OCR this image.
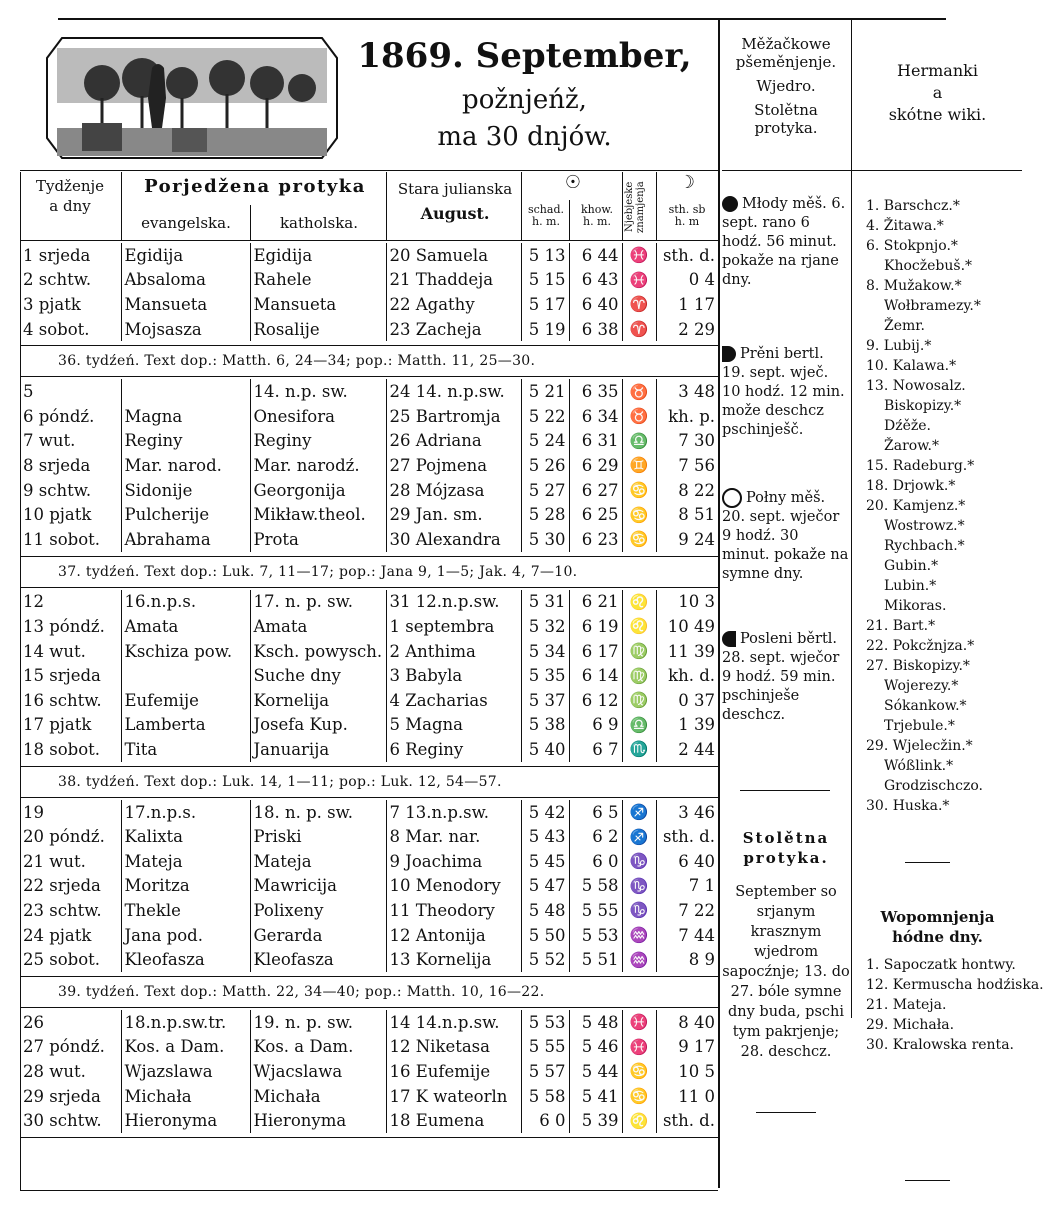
1869. September,
požnjeńž,
ma 30 dnjów.
Měžačkowe
pšeměnjenje.
Wjedro.
Stolětna
protyka.
Hermanki
a
skótne wiki.
Tydženje
a dny
Porjedžena protyka
evangelska.	katholska.
Stara julianska
August.
☉
schad.
h. m.
khow.
h. m.	Njebjeske znamjenja	☽
sth. sb
h. m
1 srjeda	Egidija	Egidija	20 Samuela	5 13	6 44	♓	sth. d.
2 schtw.	Absaloma	Rahele	21 Thaddeja	5 15	6 43	♓	0 4
3 pjatk	Mansueta	Mansueta	22 Agathy	5 17	6 40	♈	1 17
4 sobot.	Mojsasza	Rosalije	23 Zacheja	5 19	6 38	♈	2 29
36. tydźeń. Text dop.: Matth. 6, 24—34; pop.: Matth. 11, 25—30.
5		14. n.p. sw.	24 14. n.p.sw.	5 21	6 35	♉	3 48
6 póndź.	Magna	Onesifora	25 Bartromja	5 22	6 34	♉	kh. p.
7 wut.	Reginy	Reginy	26 Adriana	5 24	6 31	♎	7 30
8 srjeda	Mar. narod.	Mar. narodź.	27 Pojmena	5 26	6 29	♊	7 56
9 schtw.	Sidonije	Georgonija	28 Mójzasa	5 27	6 27	♋	8 22
10 pjatk	Pulcherije	Mikław.theol.	29 Jan. sm.	5 28	6 25	♋	8 51
11 sobot.	Abrahama	Prota	30 Alexandra	5 30	6 23	♋	9 24
37. tydźeń. Text dop.: Luk. 7, 11—17; pop.: Jana 9, 1—5; Jak. 4, 7—10.
12	16.n.p.s.	17. n. p. sw.	31 12.n.p.sw.	5 31	6 21	♌	10 3
13 póndź.	Amata	Amata	1 septembra	5 32	6 19	♌	10 49
14 wut.	Kschiza pow.	Ksch. powysch.	2 Anthima	5 34	6 17	♍	11 39
15 srjeda		Suche dny	3 Babyla	5 35	6 14	♍	kh. d.
16 schtw.	Eufemije	Kornelija	4 Zacharias	5 37	6 12	♍	0 37
17 pjatk	Lamberta	Josefa Kup.	5 Magna	5 38	6 9	♎	1 39
18 sobot.	Tita	Januarija	6 Reginy	5 40	6 7	♏	2 44
38. tydźeń. Text dop.: Luk. 14, 1—11; pop.: Luk. 12, 54—57.
19	17.n.p.s.	18. n. p. sw.	7 13.n.p.sw.	5 42	6 5	♐	3 46
20 póndź.	Kalixta	Priski	8 Mar. nar.	5 43	6 2	♐	sth. d.
21 wut.	Mateja	Mateja	9 Joachima	5 45	6 0	♑	6 40
22 srjeda	Moritza	Mawricija	10 Menodory	5 47	5 58	♑	7 1
23 schtw.	Thekle	Polixeny	11 Theodory	5 48	5 55	♑	7 22
24 pjatk	Jana pod.	Gerarda	12 Antonija	5 50	5 53	♒	7 44
25 sobot.	Kleofasza	Kleofasza	13 Kornelija	5 52	5 51	♒	8 9
39. tydźeń. Text dop.: Matth. 22, 34—40; pop.: Matth. 10, 16—22.
26	18.n.p.sw.tr.	19. n. p. sw.	14 14.n.p.sw.	5 53	5 48	♓	8 40
27 póndź.	Kos. a Dam.	Kos. a Dam.	12 Niketasa	5 55	5 46	♓	9 17
28 wut.	Wjazslawa	Wjacslawa	16 Eufemije	5 57	5 44	♋	10 5
29 srjeda	Michała	Michała	17 K wateorln	5 58	5 41	♋	11 0
30 schtw.	Hieronyma	Hieronyma	18 Eumena	6 0	5 39	♌	sth. d.
Młody měš. 6. sept. rano 6 hodź. 56 minut. pokaže na rjane dny.
Prěni bertl. 19. sept. wječ. 10 hodź. 12 min. može deschcz pschinješč.
Połny měš. 20. sept. wječor 9 hodź. 30 minut. pokaže na symne dny.
Posleni běrtl. 28. sept. wječor 9 hodź. 59 min. pschinješe deschcz.
Stolětna protyka.
September so srjanym krasznym wjedrom sapocźnje; 13. do 27. bóle symne dny buda, pschi tym pakrjenje; 28. deschcz.
1. Barschcz.*
4. Žitawa.*
6. Stokpnjo.*
Khocžebuš.*
8. Mužakow.*
Wołbramezy.*
Žemr.
9. Lubij.*
10. Kalawa.*
13. Nowosalz.
Biskopizy.*
Dźěže.
Žarow.*
15. Radeburg.*
18. Drjowk.*
20. Kamjenz.*
Wostrowz.*
Rychbach.*
Gubin.*
Lubin.*
Mikoras.
21. Bart.*
22. Pokcžnjza.*
27. Biskopizy.*
Wojerezy.*
Sókankow.*
Trjebule.*
29. Wjelecžin.*
Wóßlink.*
Grodzischczo.
30. Huska.*
Wopomnjenja hódne dny.
1. Sapoczatk hontwy.
12. Kermuscha hodźiska.
21. Mateja.
29. Michała.
30. Kralowska renta.
